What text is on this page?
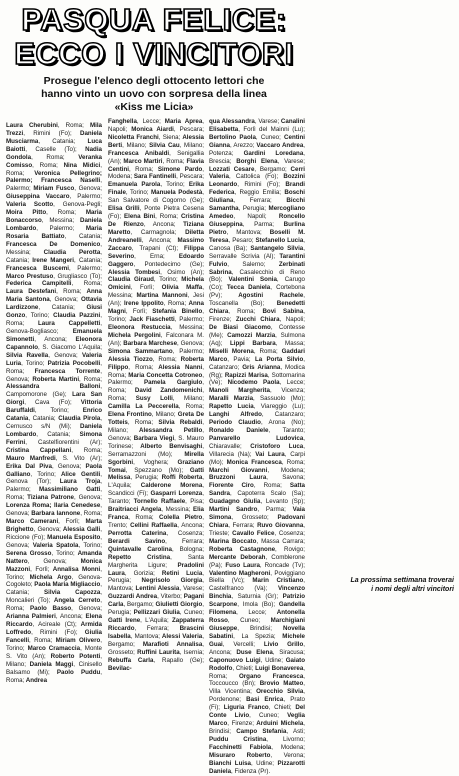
PASQUA FELICE:
ECCO I VINCITORI
Prosegue l'elenco degli ottocento lettori che
hanno vinto un uovo con sorpresa della linea
«Kiss me Licia»
Laura Cherubini, Roma; Mila Trezzi, Rimini (Fo); Daniela Musciarma, Catania; Luca Baiotti, Caselle (To); Nadia Gondola, Roma; Veranka Comisso, Roma; Nina Midici, Roma; Veronica Pellegrino; Palermo; Francesca Naselli, Palermo; Miriam Fusco, Genova; Giuseppina Vaccaro, Palermo; Valeria Scotto, Genova-Pegli; Moira Pitto, Roma; Maria Bonaccorso, Messina; Daniela Lombardo, Palermo; Maria Rosaria Battiato, Catania; Francesca De Domenico, Messina; Claudia Perotta, Catania; Irene Mangeri, Catania; Francesca Buscemi, Palermo; Marco Prestuso, Grugliasco (To); Federica Campitelli, Roma; Laura Destefani, Roma; Anna Maria Santona, Genova; Ottavia Lardizzone, Catania; Giusi Gonzo, Torino; Claudia Pazzini, Roma; Laura Cappelletti, Genova-Bogliasco; Emanuela Simonetti, Ancona; Eleonora Capannolo, S. Giacomo L'Aquila; Silvia Ravella, Genova; Valeria Luria, Torino; Patrizia Pocobelli, Roma; Francesca Torrente, Genova; Roberta Martini, Roma; Alessandra Balloni, Campomorone (Ge); Lara San Giorgi, Cava (Fo); Vittoria Baruffaldi, Torino; Enrico Catania, Catania; Claudia Pirola, Cernusco s/N (Mi); Daniela Lombardo, Catania; Simona Ferrini, Castelfiorentini (Ar); Cristina Cappellani, Roma; Mauro Manfredi, S. Vito (Ar); Erika Dal Piva, Genova; Paola Galliano, Torino; Alice Gentili, Genova (Tor); Laura Troja, Palermo; Massimiliano Gatti, Roma; Tiziana Patrone, Genova; Lorenza Roma; Ilaria Cenedese, Genova; Barbara Iannone, Roma; Marco Camerani, Forlì; Marta Brighetto, Genova; Alessia Galli, Riccione (Fo); Manuela Esposito, Genova; Valeria Spatola, Torino; Serena Grosso, Torino; Amanda Nattero, Genova; Monica Mazzoni, Forlì; Annalisa Monni, Torino; Michela Argo, Genova-Cogoleto; Paola Maria Migliaccio, Catania; Silvia Capozza, Moncalieri (To); Angela Cerreto, Roma; Paolo Basso, Genova; Arianna Palmieri, Ancona; Elena Riccardo, Acireale (Ct); Armida Loffredo, Rimini (Fo); Giulia Fancelli, Roma; Miriam Olivero, Torino; Marco Cramaccia, Monte S. Vito (An); Roberto Potenti, Milano; Daniela Maggi, Cinisello Balsamo (Mi); Paolo Puddu, Roma; Andrea
Fanghella, Lecce; Maria Aprea, Napoli; Monica Aiardi, Pescara; Nicoletta Franchi, Siena; Alessia Berti, Milano; Silvia Cau, Milano; Francesca Anibaldi, Senigallia (An); Marco Martiri, Roma; Flavia Centini, Roma; Simone Pardo, Modena; Sara Fantinelli, Pescara; Emanuela Parola, Torino; Erika Finale, Torino; Manuela Podestà, San Salvatore di Cogorno (Ge); Elisa Grilli, Ponte Pietra Cesena (Fo); Elena Bini, Roma; Cristina De Rienzo, Ancona; Tiziana Maretto, Carmagnola; Diletta Andreanelli, Ancona; Massimo Zaccaro, Trapani (Ct); Filippa Severino, Erna; Edoardo Gaggero, Pontedecimo (Ge); Alessia Tombesi, Osimo (An); Claudia Giraud, Torino; Michela Omicini, Forlì; Olivia Maffa, Messina; Martina Mannoni, Jesi (An); Irene Ippolito, Roma; Anna Magni, Forlì; Stefania Binello, Torino; Jack Fiaschetti, Palermo; Eleonora Restuccia, Messina; Michela Pergolini, Falconara M. (An); Barbara Marchese, Genova; Simona Sammartano, Palermo; Alessia Tiozzo, Roma; Roberta Filippo, Roma; Alessia Nanni, Roma; Maria Concetta Cotroneo, Palermo; Pamela Gargiulo, Roma; David Zandomenichi, Roma; Susy Lolli, Milano; Camilla La Peccerella, Roma; Elena Frontino, Milano; Greta De Totteis, Roma; Silvia Rebaldi, Milano; Alessandra Petillo, Genova; Barbara Viegi, S. Mauro Torinese; Alberto Benvisaghi, Serramazzoni (Mo); Mirella Sgorbini, Voghera; Graziano Tomai, Spezzano (Mo); Gatti Melissa, Perugia; Roffi Roberta, L'Aquila; Calderone Morena, Scandicci (Fi); Gasparri Lorenza, Taranto; Tornello Raffaele, Pisa; Braitriacci Angela, Messina; Elia Franca, Roma; Colella Pietro, Trento; Cellini Raffaella, Ancona; Perrotta Caterina, Cosenza; Berardi Savino, Ferrara; Quintavalle Carolina, Bologna; Repetto Cristina, Santa Margherita Ligure; Pradolini Laura, Gorizia; Retini Lucia, Perugia; Negrisolo Giorgia, Mantova; Lentini Alessia, Varese; Guzzardi Andrea, Viterbo; Pagani Carla, Bergamo; Giulietti Giorgio, Perugia; Pellizzari Giulia, Cuneo; Gatti Irene, L'Aquila; Zappaterra Riccardo, Ferrara; Brascini Isabella, Mantova; Alessi Valeria, Bergamo; Marafioti Annalisa, Grosseto; Ruffini Laurita, Isernia; Rebuffa Carla, Rapallo (Ge); Bevilac-
qua Alessandra, Varese; Canalini Elisabetta, Forlì del Mainni (Lu); Bertolino Paola, Cuneo; Centini Gianna, Arezzo; Vaccaro Andrea, Potenza; Gardini Loredana, Brescia; Borghi Elena, Varese; Lozzati Cesare, Bergamo; Cerri Valeria, Cattolica (Fo); Bozzini Leonardo, Rimini (Fo); Brandi Federica, Reggio Emilia; Boschi Giuliana, Ferrara; Bicchi Samantha, Perugia; Mercogliano Amedeo, Napoli; Roncello Giuseppina, Parma; Burlina Pietro, Mantova; Boselli M. Teresa, Pesaro; Stefanello Lucia, Canosa (Ba); Santangelo Silvia, Serravalle Scrivia (Al); Tarantini Fulvio, Salerno; Zerbinati Sabrina, Casalecchio di Reno (Bo); Valentini Sonia, Carugo (Co); Tecca Daniela, Cortebona (Pv); Agostini Rachele, Toscanella (Bo); Benedetti Chiara, Roma; Bovi Sabina, Firenze; Zucchi Chiara, Napoli; De Biasi Giacomo, Contesse (Me); Camozzi Marzia, Sulmona (Aq); Lippi Barbara, Massa; Miselli Morena, Roma; Gaddari Marco, Pavia; La Porta Silvio, Catanzaro; Gris Arianna, Modica (Rg); Rapizzi Marisa, Sottomarina (Ve); Nicodemo Paola, Lecce; Manoli Margherita, Vicenza; Maralli Marzia, Sassuolo (Mo); Rapetto Lucia, Viareggio (Lu); Langhi Alfredo, Catanzaro; Periodo Claudio, Arona (No); Ronaldo Daniele, Taranto; Panvarello Ludovica, Chiaravalle; Cristoforo Luca, Villarecia (Na); Vai Laura, Carpi (Mo); Monica Francesca, Roma; Marchi Giovanni, Modena; Bruzzoni Laura, Savona; Fiorente Ciro, Roma; Satta Sandra, Capoterra Scalo (Sa); Guadagno Giulia, Levanto (Sp); Martini Sandro, Parma; Vaia Simona, Grosseto; Padovani Chiara, Ferrara; Ruvo Giovanna, Trieste; Cavallo Felice, Cosenza; Marina Boccato, Massa Carrara; Roberta Castagnone, Rovigo; Mercante Deborah, Comblerone (Pa); Fuso Laura, Roncade (Tv); Valentino Magheroni, Poviggiano Biella (Vc); Marin Cristiano, Castelfranco (Va); Vincenzo Binchia, Saturnia (Gr); Patrizio Scarpone, Imola (Bo); Gandella Filomena, Lecce; Antonella Rosso, Cuneo; Marchigiani Giuseppe, Brindisi; Novella Sabatini, La Spezia; Michele Guai, Vercelli; Livio Grillo, Ancona; Duse Elena, Siracusa; Caponuovo Luigi, Udine; Gaiato Rodolfo, Chieti; Luigi Bonaverea, Roma; Organo Francesca, Toccoucco (Bn); Brovio Matteo, Villa Vicentina; Orecchio Silvia, Pordenone; Basi Enrica, Prato (Fi); Liguria Franco, Chieti; Del Conte Livio, Cuneo; Veglia Marco, Firenze; Arduini Michela, Brindisi; Campo Stefania, Asti; Puddu Cristina, Livorno; Facchinetti Fabiola, Modena; Misuraro Roberto, Verona; Bianchi Luisa, Udine; Pizzarotti Daniela, Fidenza (Pr).
La prossima settimana troverai
i nomi degli altri vincitori
